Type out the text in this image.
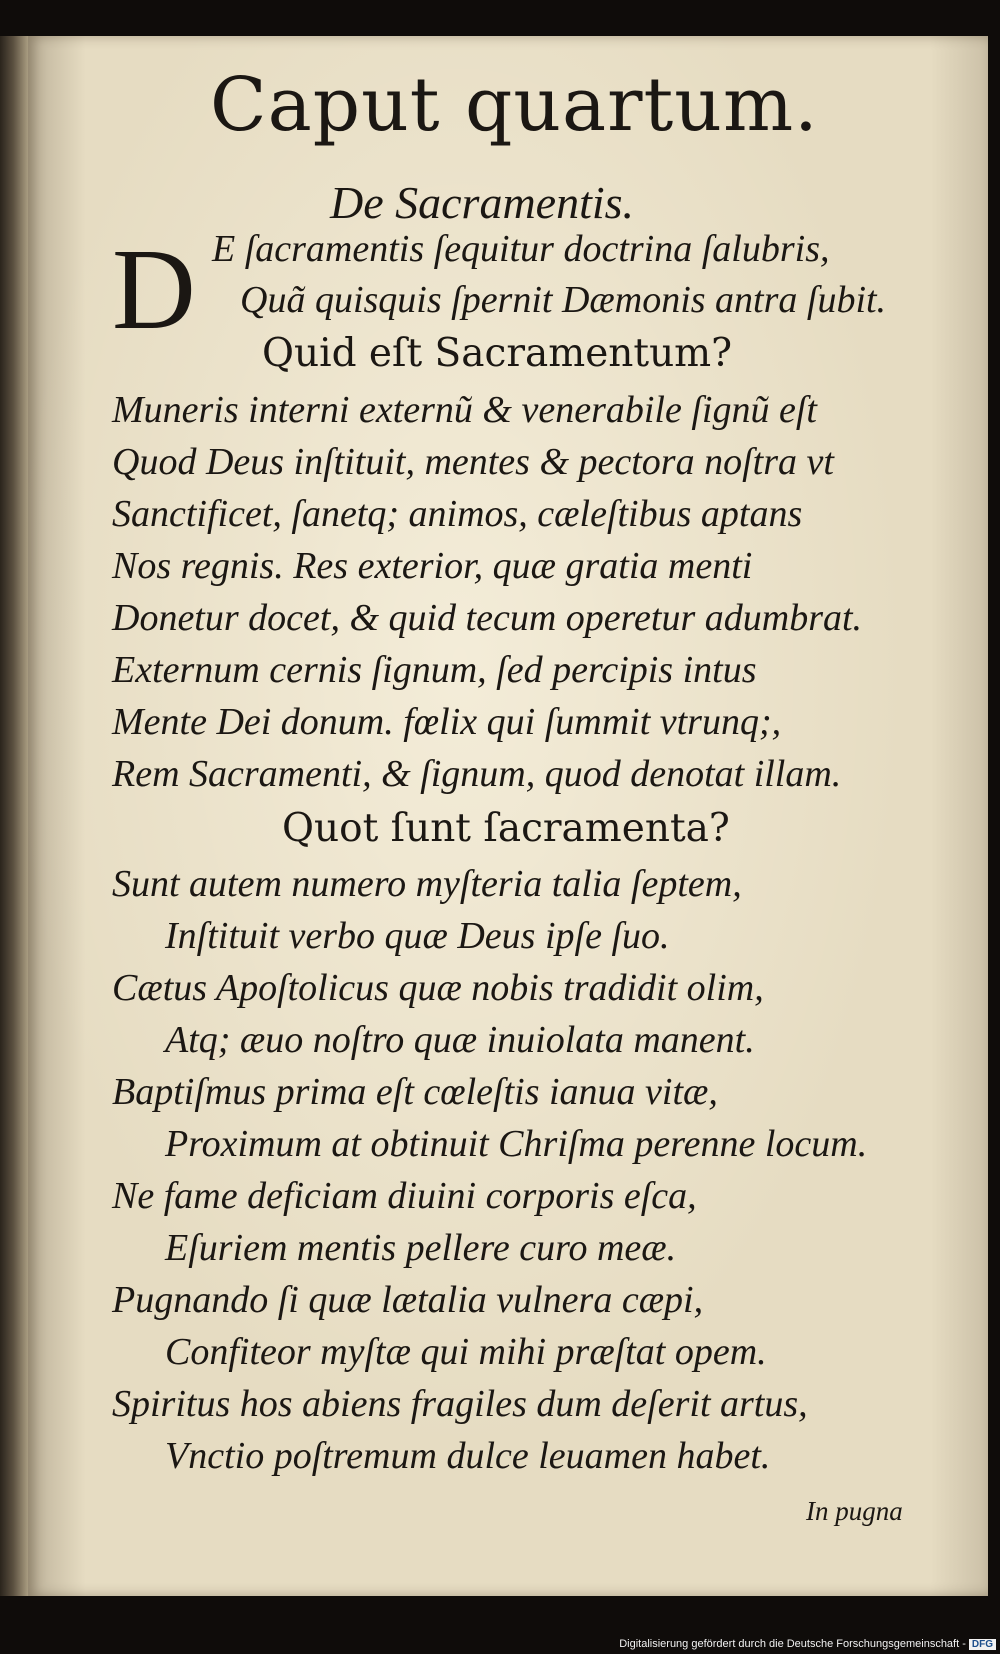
Caput quartum.
De Sacramentis.
D E ſacramentis ſequitur doctrina ſalubris,
Quã quisquis ſpernit Dæmonis antra ſubit.
Quid eſt Sacramentum?
Muneris interni externũ & venerabile ſignũ eſt
Quod Deus inſtituit, mentes & pectora noſtra vt
Sanctificet, ſanetq; animos, cæleſtibus aptans
Nos regnis. Res exterior, quæ gratia menti
Donetur docet, & quid tecum operetur adumbrat.
Externum cernis ſignum, ſed percipis intus
Mente Dei donum. fœlix qui ſummit vtrunq;,
Rem Sacramenti, & ſignum, quod denotat illam.
Quot ſunt ſacramenta?
Sunt autem numero myſteria talia ſeptem,
Inſtituit verbo quæ Deus ipſe ſuo.
Cætus Apoſtolicus quæ nobis tradidit olim,
Atq; æuo noſtro quæ inuiolata manent.
Baptiſmus prima eſt cœleſtis ianua vitæ,
Proximum at obtinuit Chriſma perenne locum.
Ne fame deficiam diuini corporis eſca,
Eſuriem mentis pellere curo meæ.
Pugnando ſi quæ lætalia vulnera cæpi,
Confiteor myſtæ qui mihi præſtat opem.
Spiritus hos abiens fragiles dum deſerit artus,
Vnctio poſtremum dulce leuamen habet.
In pugna
Digitalisierung gefördert durch die Deutsche Forschungsgemeinschaft - DFG
